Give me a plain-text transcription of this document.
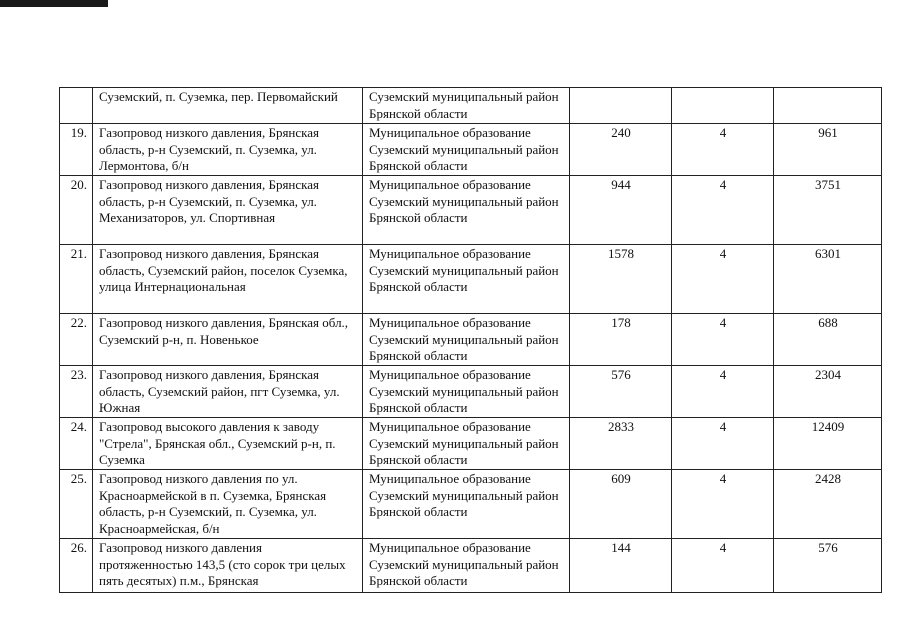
	Суземский, п. Суземка, пер. Первомайский	Суземский муниципальный район Брянской области			
19.	Газопровод низкого давления, Брянская область, р-н Суземский, п. Суземка, ул. Лермонтова, б/н	Муниципальное образование Суземский муниципальный район Брянской области	240	4	961
20.	Газопровод низкого давления, Брянская область, р-н Суземский, п. Суземка, ул. Механизаторов, ул. Спортивная	Муниципальное образование Суземский муниципальный район Брянской области	944	4	3751
21.	Газопровод низкого давления, Брянская область, Суземский район, поселок Суземка, улица Интернациональная	Муниципальное образование Суземский муниципальный район Брянской области	1578	4	6301
22.	Газопровод низкого давления, Брянская обл., Суземский р-н, п. Новенькое	Муниципальное образование Суземский муниципальный район Брянской области	178	4	688
23.	Газопровод низкого давления, Брянская область, Суземский район, пгт Суземка, ул. Южная	Муниципальное образование Суземский муниципальный район Брянской области	576	4	2304
24.	Газопровод высокого давления к заводу "Стрела", Брянская обл., Суземский р-н, п. Суземка	Муниципальное образование Суземский муниципальный район Брянской области	2833	4	12409
25.	Газопровод низкого давления по ул. Красноармейской в п. Суземка, Брянская область, р-н Суземский, п. Суземка, ул. Красноармейская, б/н	Муниципальное образование Суземский муниципальный район Брянской области	609	4	2428
26.	Газопровод низкого давления протяженностью 143,5 (сто сорок три целых пять десятых) п.м., Брянская	Муниципальное образование Суземский муниципальный район Брянской области	144	4	576
